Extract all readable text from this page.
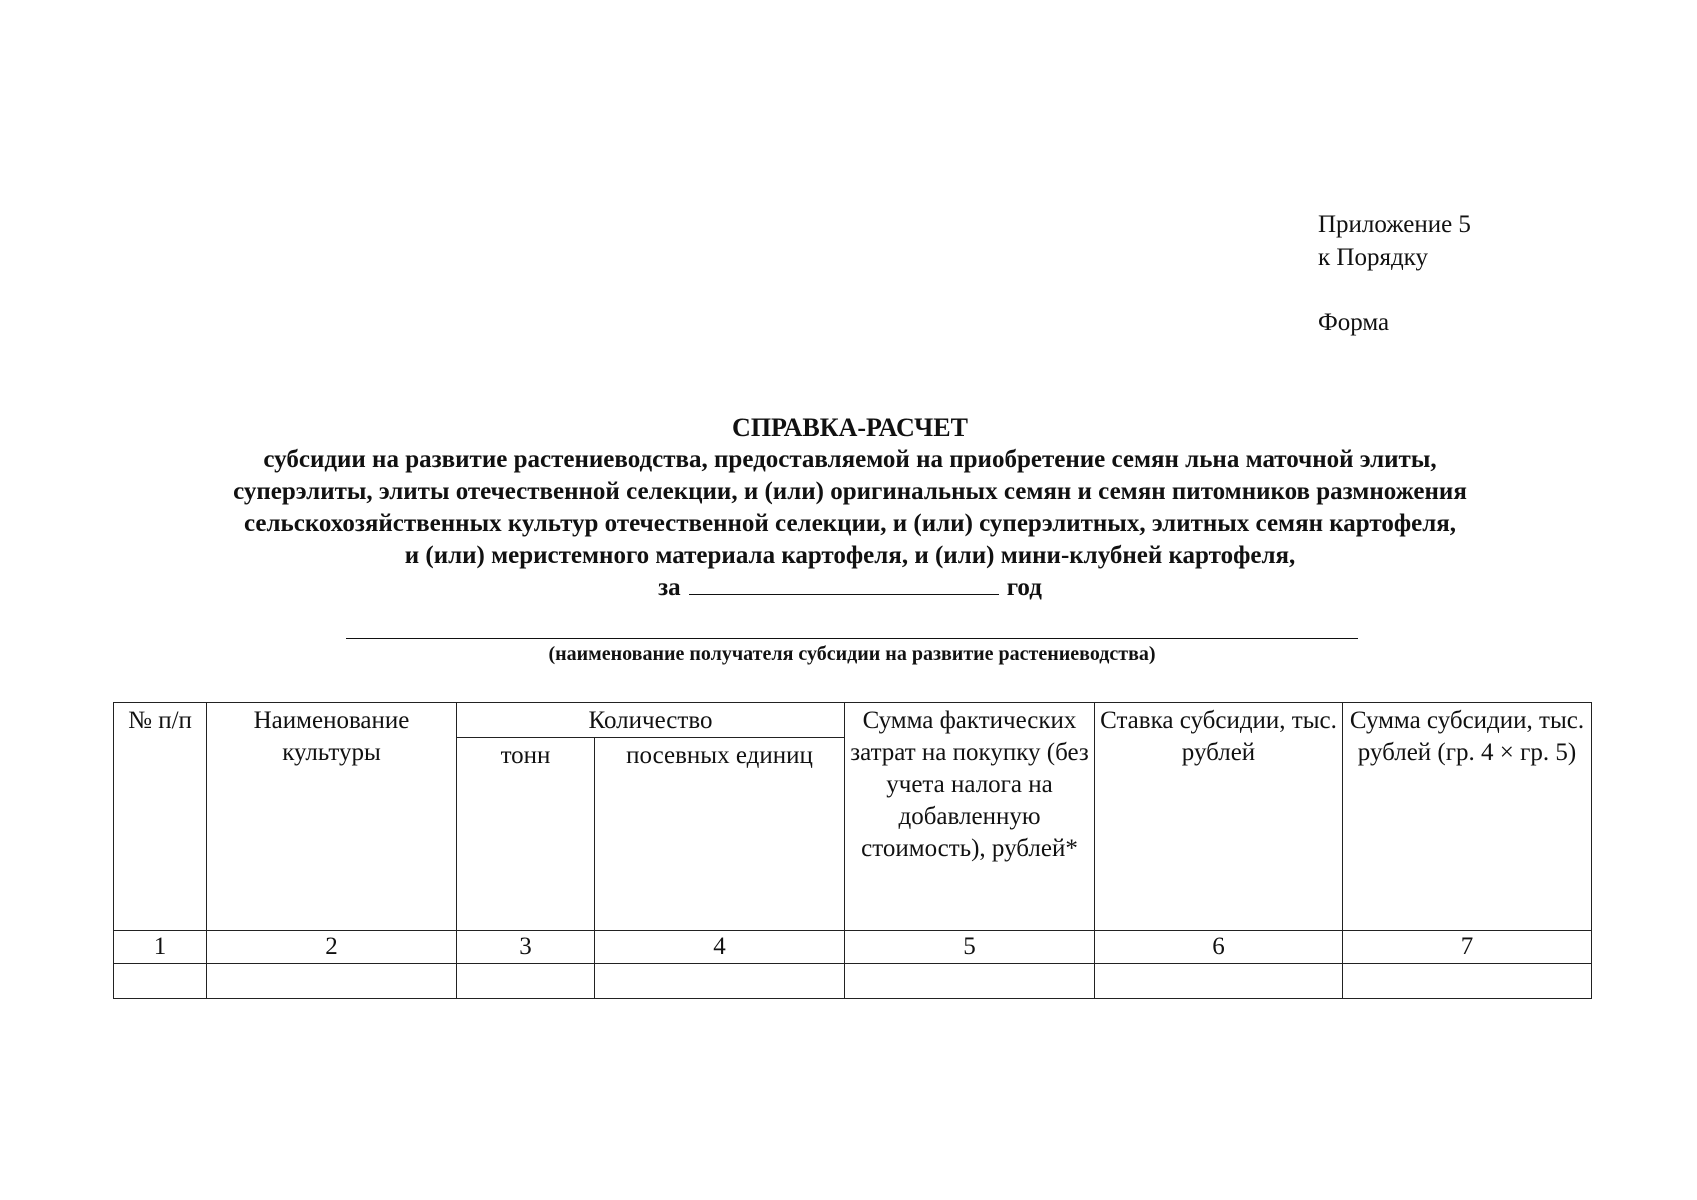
Приложение 5
к Порядку
Форма
СПРАВКА-РАСЧЕТ
субсидии на развитие растениеводства, предоставляемой на приобретение семян льна маточной элиты,
суперэлиты, элиты отечественной селекции, и (или) оригинальных семян и семян питомников размножения
сельскохозяйственных культур отечественной селекции, и (или) суперэлитных, элитных семян картофеля,
и (или) меристемного материала картофеля, и (или) мини-клубней картофеля,
за	год
(наименование получателя субсидии на развитие растениеводства)
№ п/п	Наименование культуры	Количество		Сумма фактических затрат на покупку (без учета налога на добавленную стоимость), рублей*	Ставка субсидии, тыс. рублей	Сумма субсидии, тыс. рублей (гр. 4 × гр. 5)
		тонн	посевных единиц			
1	2	3	4	5	6	7
